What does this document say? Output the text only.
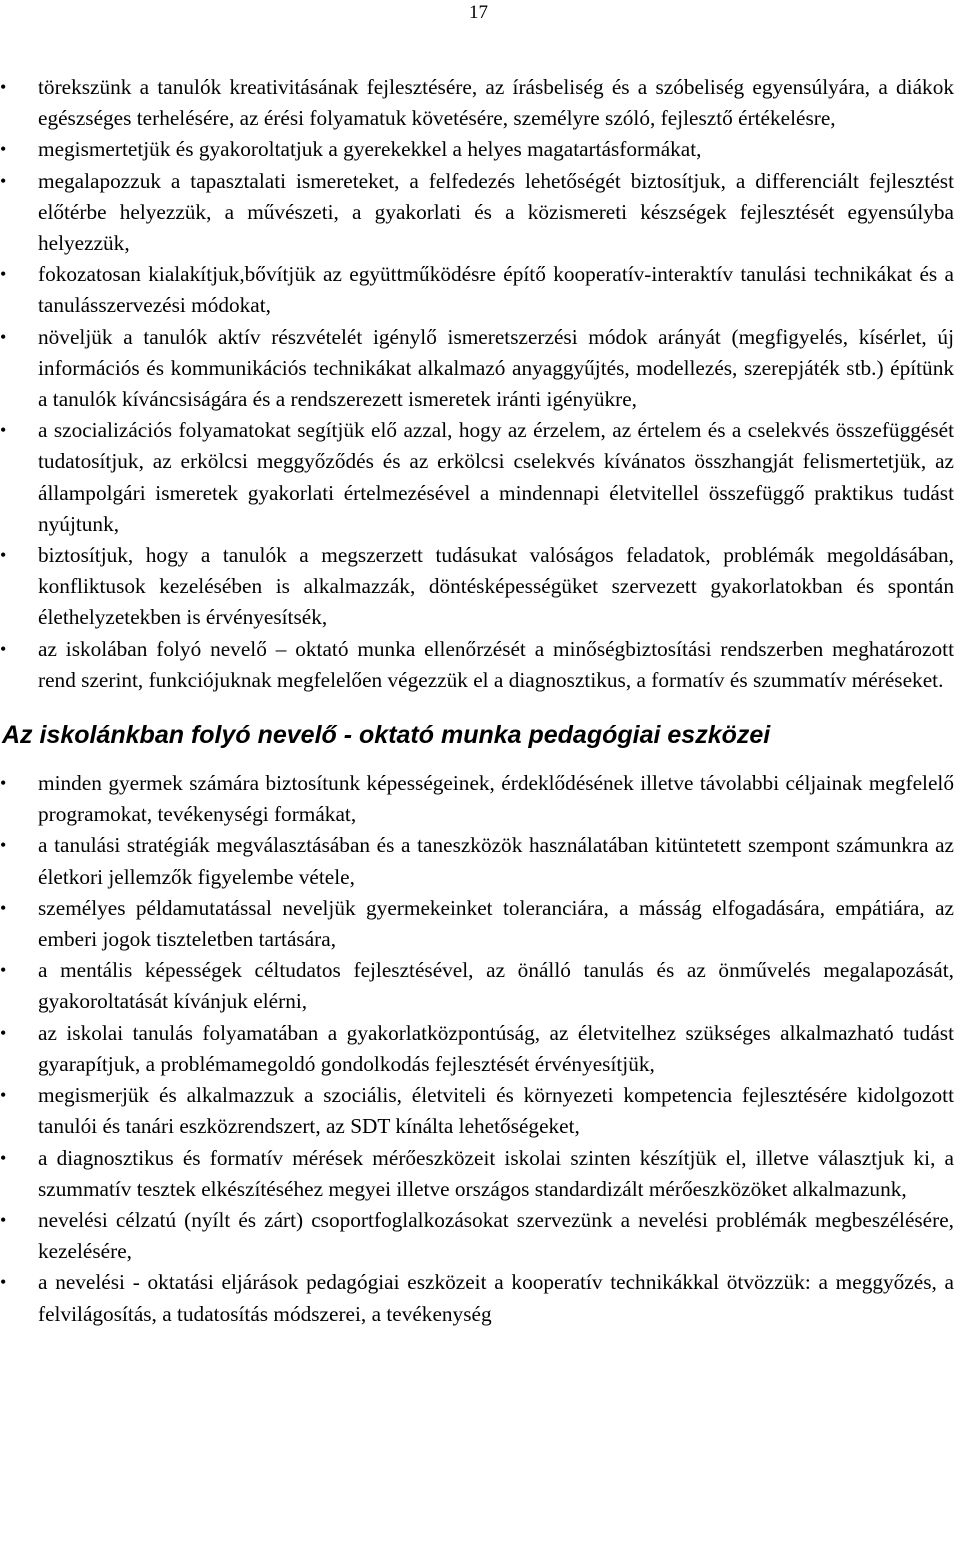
17
•	törekszünk a tanulók kreativitásának fejlesztésére, az írásbeliség és a szóbeliség egyensúlyára, a diákok egészséges terhelésére, az érési folyamatuk követésére, személyre szóló, fejlesztő értékelésre,
•	megismertetjük és gyakoroltatjuk a gyerekekkel a helyes magatartásformákat,
•	megalapozzuk a tapasztalati ismereteket, a felfedezés lehetőségét biztosítjuk, a differenciált fejlesztést előtérbe helyezzük, a művészeti, a gyakorlati és a közismereti készségek fejlesztését egyensúlyba helyezzük,
•	fokozatosan kialakítjuk,bővítjük az együttműködésre építő kooperatív-interaktív tanulási technikákat és a tanulásszervezési módokat,
•	növeljük a tanulók aktív részvételét igénylő ismeretszerzési módok arányát (megfigyelés, kísérlet, új információs és kommunikációs technikákat alkalmazó anyaggyűjtés, modellezés, szerepjáték stb.) építünk a tanulók kíváncsiságára és a rendszerezett ismeretek iránti igényükre,
•	a szocializációs folyamatokat segítjük elő azzal, hogy az érzelem, az értelem és a cselekvés összefüggését tudatosítjuk, az erkölcsi meggyőződés és az erkölcsi cselekvés kívánatos összhangját felismertetjük, az állampolgári ismeretek gyakorlati értelmezésével a mindennapi életvitellel összefüggő praktikus tudást nyújtunk,
•	biztosítjuk, hogy a tanulók a megszerzett tudásukat valóságos feladatok, problémák megoldásában, konfliktusok kezelésében is alkalmazzák, döntésképességüket szervezett gyakorlatokban és spontán élethelyzetekben is érvényesítsék,
•	az iskolában folyó nevelő – oktató munka ellenőrzését a minőségbiztosítási rendszerben meghatározott rend szerint, funkciójuknak megfelelően végezzük el a diagnosztikus, a formatív és szummatív méréseket.
Az iskolánkban folyó nevelő - oktató munka pedagógiai eszközei
•	minden gyermek számára biztosítunk képességeinek, érdeklődésének illetve távolabbi céljainak megfelelő programokat, tevékenységi formákat,
•	a tanulási stratégiák megválasztásában és a taneszközök használatában kitüntetett szempont számunkra az életkori jellemzők figyelembe vétele,
•	személyes példamutatással neveljük gyermekeinket toleranciára, a másság elfogadására, empátiára, az emberi jogok tiszteletben tartására,
•	a mentális képességek céltudatos fejlesztésével, az önálló tanulás és az önművelés megalapozását, gyakoroltatását kívánjuk elérni,
•	az iskolai tanulás folyamatában a gyakorlatközpontúság, az életvitelhez szükséges alkalmazható tudást gyarapítjuk, a problémamegoldó gondolkodás fejlesztését érvényesítjük,
•	megismerjük és alkalmazzuk a szociális, életviteli és környezeti kompetencia fejlesztésére kidolgozott tanulói és tanári eszközrendszert, az SDT kínálta lehetőségeket,
•	a diagnosztikus és formatív mérések mérőeszközeit iskolai szinten készítjük el, illetve választjuk ki, a szummatív tesztek elkészítéséhez megyei illetve országos standardizált mérőeszközöket alkalmazunk,
•	nevelési célzatú (nyílt és zárt) csoportfoglalkozásokat szervezünk a nevelési problémák megbeszélésére, kezelésére,
•	a nevelési - oktatási eljárások pedagógiai eszközeit a kooperatív technikákkal ötvözzük: a meggyőzés, a felvilágosítás, a tudatosítás módszerei, a tevékenység
